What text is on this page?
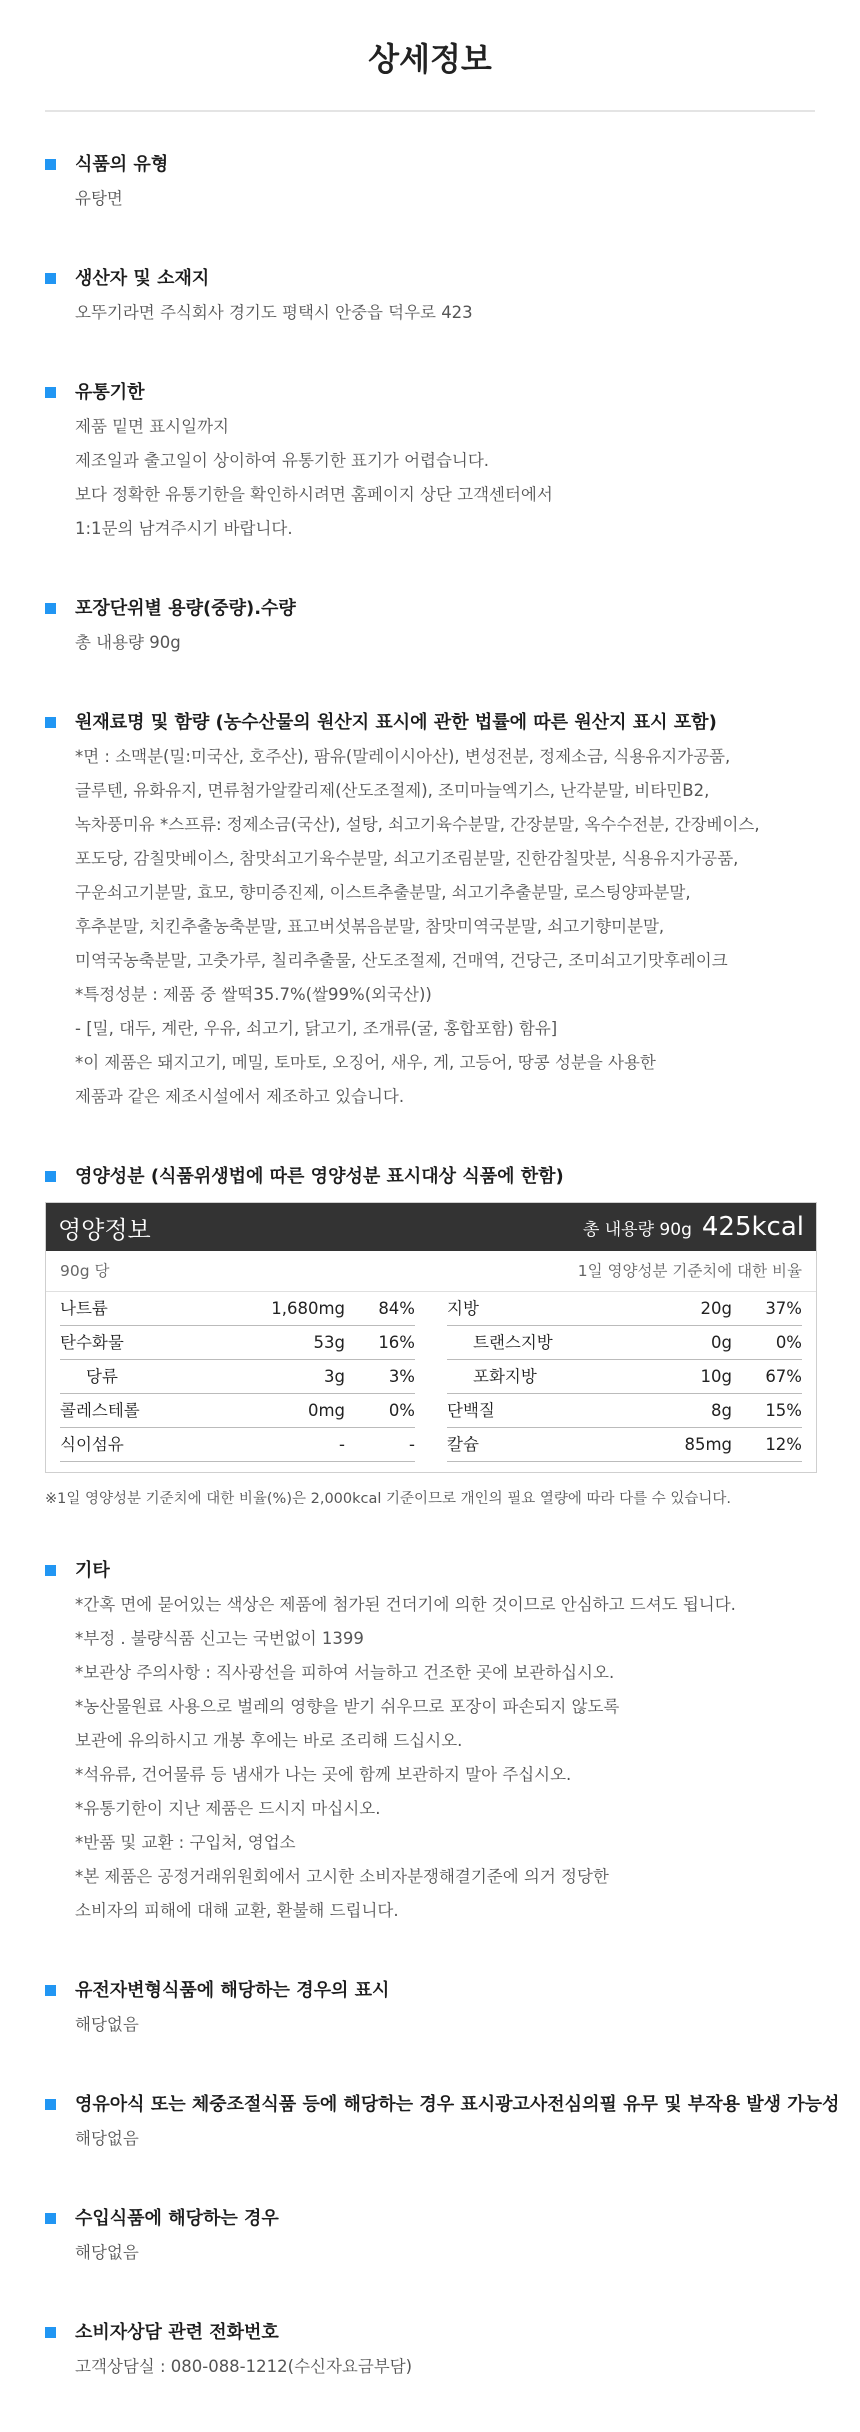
상세정보
식품의 유형
유탕면
생산자 및 소재지
오뚜기라면 주식회사 경기도 평택시 안중읍 덕우로 423
유통기한
제품 밑면 표시일까지
제조일과 출고일이 상이하여 유통기한 표기가 어렵습니다.
보다 정확한 유통기한을 확인하시려면 홈페이지 상단 고객센터에서
1:1문의 남겨주시기 바랍니다.
포장단위별 용량(중량).수량
총 내용량 90g
원재료명 및 함량 (농수산물의 원산지 표시에 관한 법률에 따른 원산지 표시 포함)
*면 : 소맥분(밀:미국산, 호주산), 팜유(말레이시아산), 변성전분, 정제소금, 식용유지가공품,
글루텐, 유화유지, 면류첨가알칼리제(산도조절제), 조미마늘엑기스, 난각분말, 비타민B2,
녹차풍미유 *스프류: 정제소금(국산), 설탕, 쇠고기육수분말, 간장분말, 옥수수전분, 간장베이스,
포도당, 감칠맛베이스, 참맛쇠고기육수분말, 쇠고기조림분말, 진한감칠맛분, 식용유지가공품,
구운쇠고기분말, 효모, 향미증진제, 이스트추출분말, 쇠고기추출분말, 로스팅양파분말,
후추분말, 치킨추출농축분말, 표고버섯볶음분말, 참맛미역국분말, 쇠고기향미분말,
미역국농축분말, 고춧가루, 칠리추출물, 산도조절제, 건매역, 건당근, 조미쇠고기맛후레이크
*특정성분 : 제품 중 쌀떡35.7%(쌀99%(외국산))
- [밀, 대두, 계란, 우유, 쇠고기, 닭고기, 조개류(굴, 홍합포함) 함유]
*이 제품은 돼지고기, 메밀, 토마토, 오징어, 새우, 게, 고등어, 땅콩 성분을 사용한
제품과 같은 제조시설에서 제조하고 있습니다.
영양성분 (식품위생법에 따른 영양성분 표시대상 식품에 한함)
영양정보	총 내용량 90g 425kcal
90g 당	1일 영양성분 기준치에 대한 비율
나트륨	1,680mg	84%
탄수화물	53g	16%
당류	3g	3%
콜레스테롤	0mg	0%
식이섬유	-	-
지방	20g	37%
트랜스지방	0g	0%
포화지방	10g	67%
단백질	8g	15%
칼슘	85mg	12%
※1일 영양성분 기준치에 대한 비율(%)은 2,000kcal 기준이므로 개인의 필요 열량에 따라 다를 수 있습니다.
기타
*간혹 면에 묻어있는 색상은 제품에 첨가된 건더기에 의한 것이므로 안심하고 드셔도 됩니다.
*부정 . 불량식품 신고는 국번없이 1399
*보관상 주의사항 : 직사광선을 피하여 서늘하고 건조한 곳에 보관하십시오.
*농산물원료 사용으로 벌레의 영향을 받기 쉬우므로 포장이 파손되지 않도록
보관에 유의하시고 개봉 후에는 바로 조리해 드십시오.
*석유류, 건어물류 등 냄새가 나는 곳에 함께 보관하지 말아 주십시오.
*유통기한이 지난 제품은 드시지 마십시오.
*반품 및 교환 : 구입처, 영업소
*본 제품은 공정거래위원회에서 고시한 소비자분쟁해결기준에 의거 정당한
소비자의 피해에 대해 교환, 환불해 드립니다.
유전자변형식품에 해당하는 경우의 표시
해당없음
영유아식 또는 체중조절식품 등에 해당하는 경우 표시광고사전심의필 유무 및 부작용 발생 가능성
해당없음
수입식품에 해당하는 경우
해당없음
소비자상담 관련 전화번호
고객상담실 : 080-088-1212(수신자요금부담)
